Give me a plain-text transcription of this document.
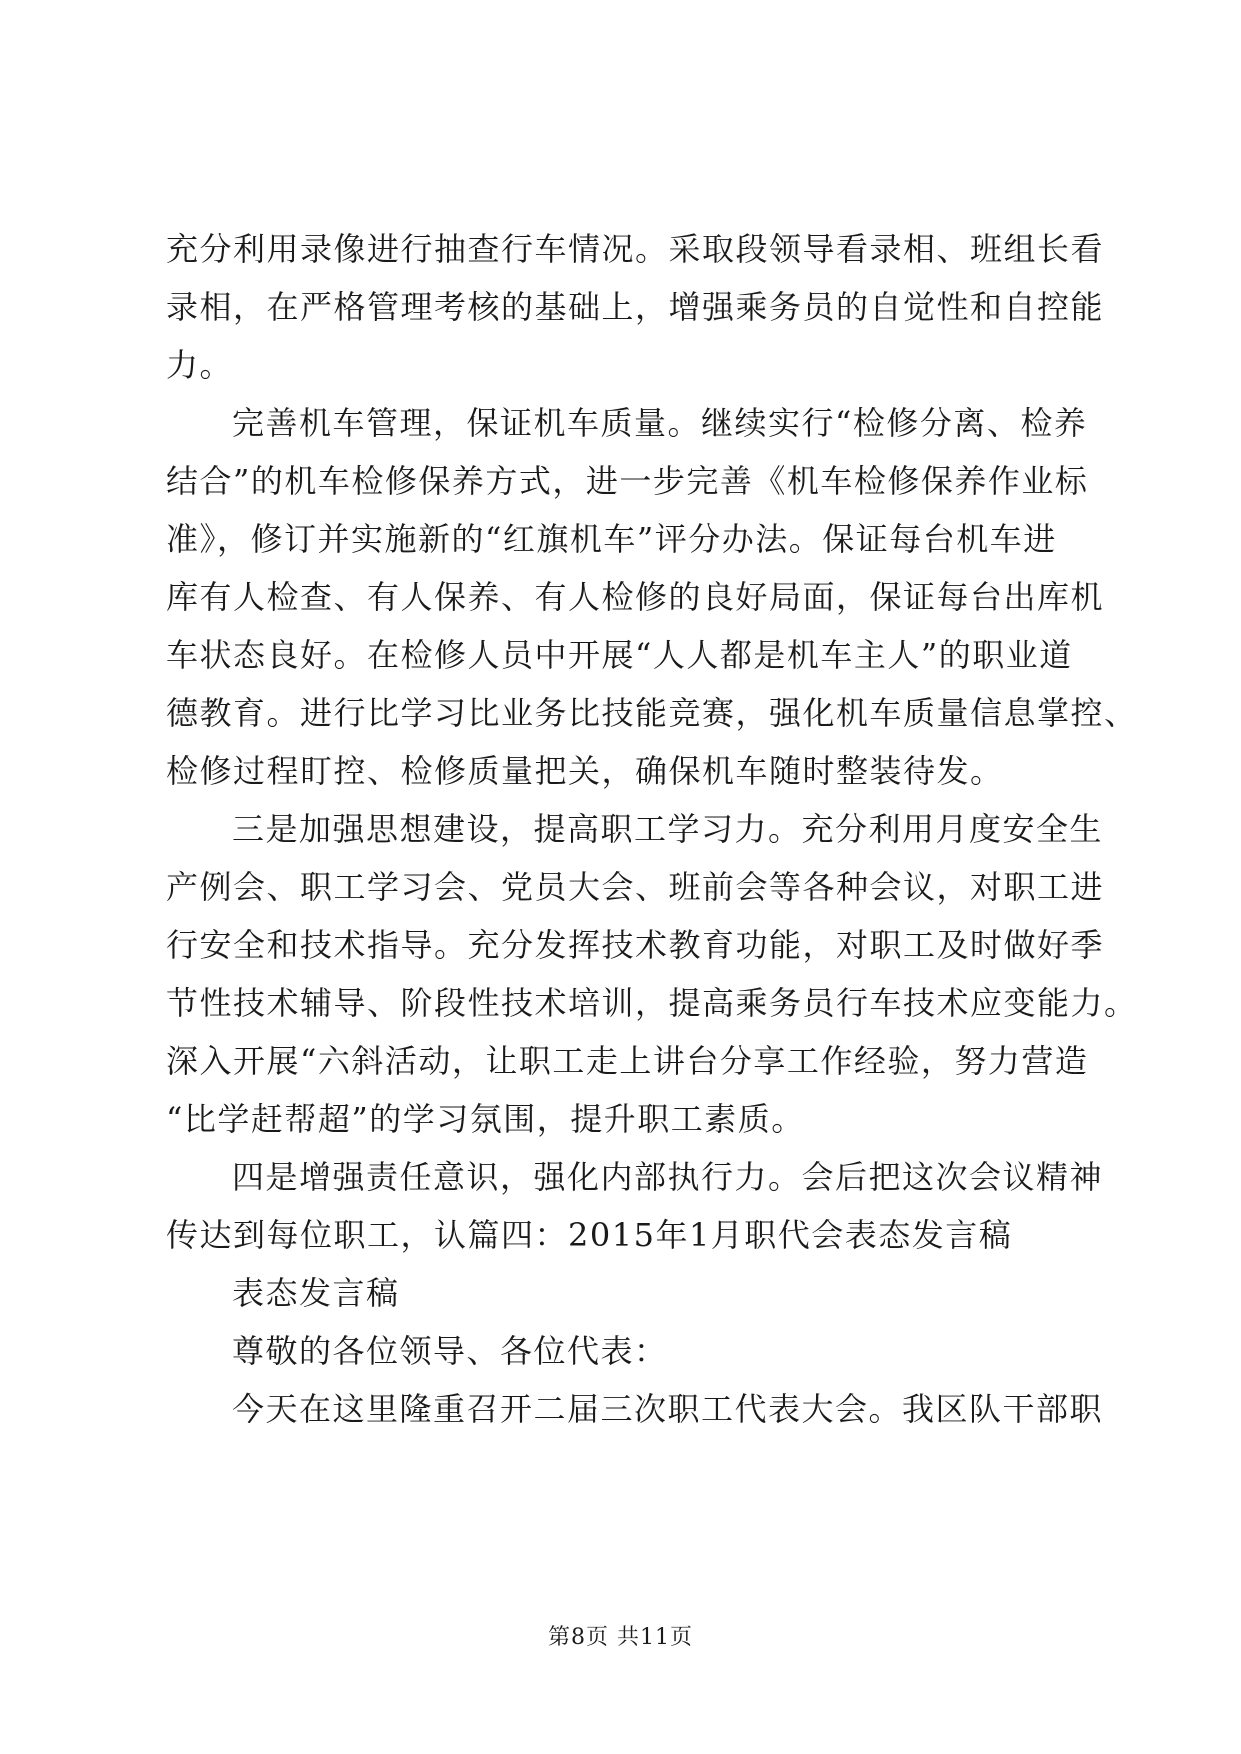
充分利用录像进行抽查行车情况。采取段领导看录相、班组长看
录相，在严格管理考核的基础上，增强乘务员的自觉性和自控能
力。
完善机车管理，保证机车质量。继续实行“检修分离、检养
结合”的机车检修保养方式，进一步完善《机车检修保养作业标
准》，修订并实施新的“红旗机车”评分办法。保证每台机车进
库有人检查、有人保养、有人检修的良好局面，保证每台出库机
车状态良好。在检修人员中开展“人人都是机车主人”的职业道
德教育。进行比学习比业务比技能竞赛，强化机车质量信息掌控、
检修过程盯控、检修质量把关，确保机车随时整装待发。
三是加强思想建设，提高职工学习力。充分利用月度安全生
产例会、职工学习会、党员大会、班前会等各种会议，对职工进
行安全和技术指导。充分发挥技术教育功能，对职工及时做好季
节性技术辅导、阶段性技术培训，提高乘务员行车技术应变能力。
深入开展“六斜活动，让职工走上讲台分享工作经验，努力营造
“比学赶帮超”的学习氛围，提升职工素质。
四是增强责任意识，强化内部执行力。会后把这次会议精神
传达到每位职工，认篇四：2015年1月职代会表态发言稿
表态发言稿
尊敬的各位领导、各位代表：
今天在这里隆重召开二届三次职工代表大会。我区队干部职
第8页 共11页
